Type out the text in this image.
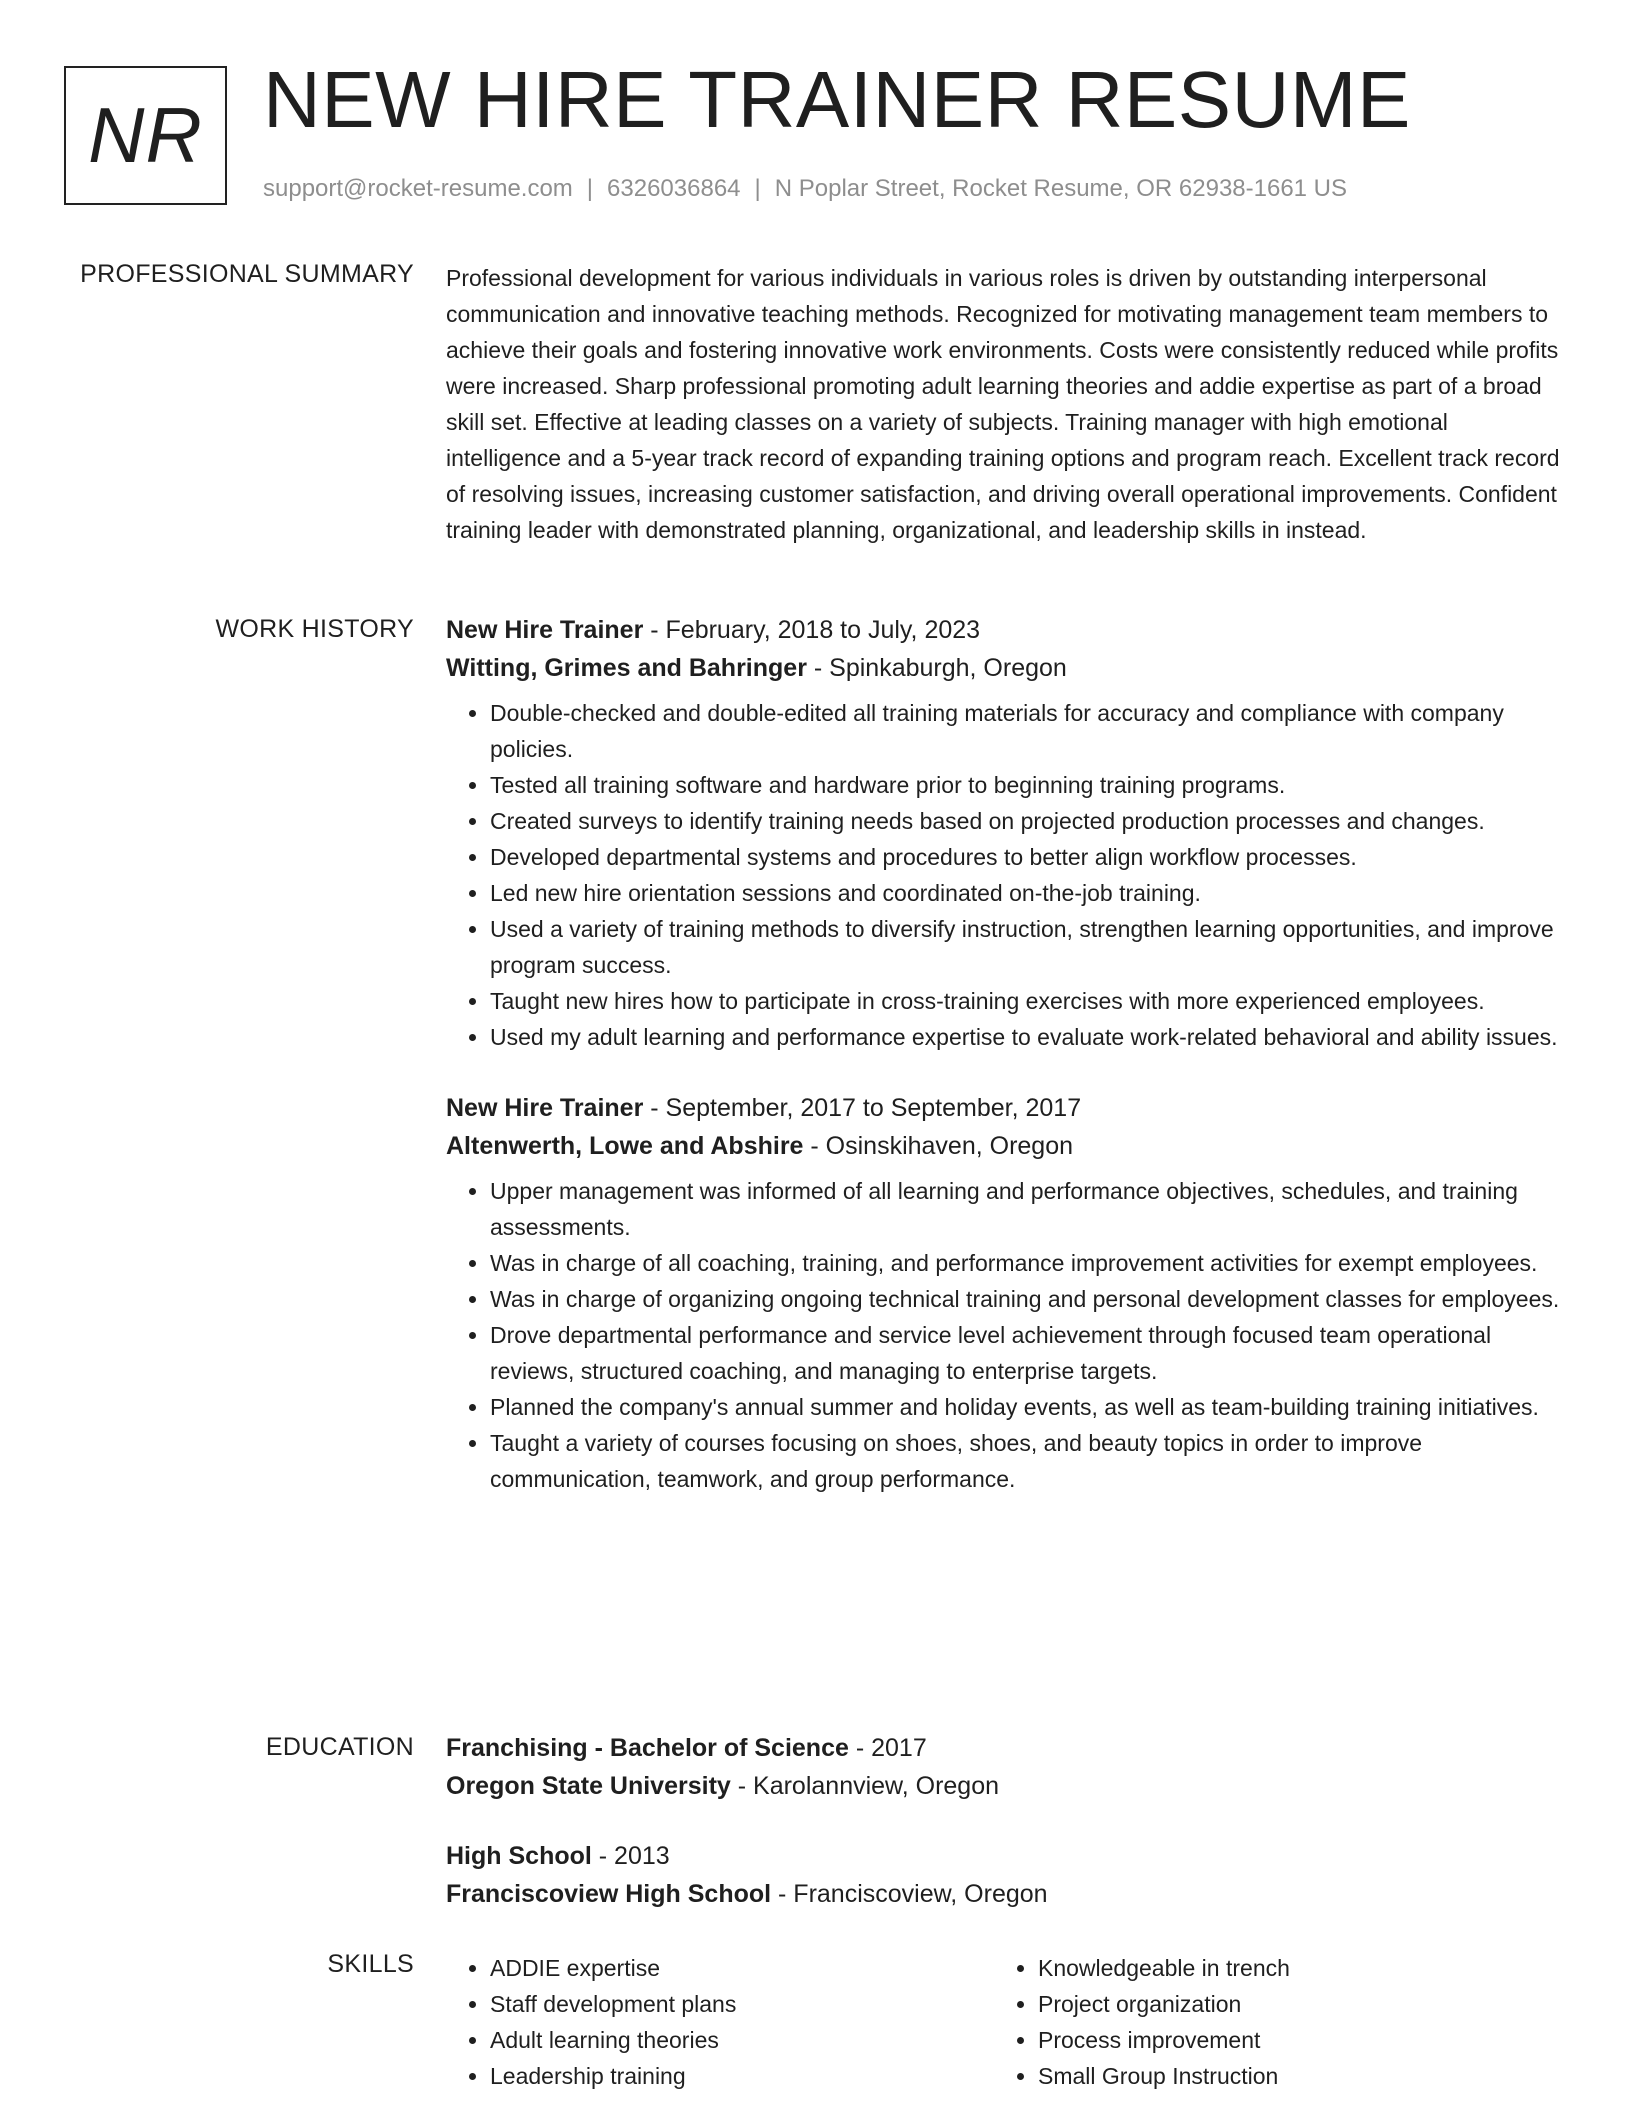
NR NEW HIRE TRAINER RESUME
support@rocket-resume.com | 6326036864 | N Poplar Street, Rocket Resume, OR 62938-1661 US
PROFESSIONAL SUMMARY Professional development for various individuals in various roles is driven by outstanding interpersonal communication and innovative teaching methods. Recognized for motivating management team members to achieve their goals and fostering innovative work environments. Costs were consistently reduced while profits were increased. Sharp professional promoting adult learning theories and addie expertise as part of a broad skill set. Effective at leading classes on a variety of subjects. Training manager with high emotional intelligence and a 5-year track record of expanding training options and program reach. Excellent track record of resolving issues, increasing customer satisfaction, and driving overall operational improvements. Confident training leader with demonstrated planning, organizational, and leadership skills in instead.

WORK HISTORY New Hire Trainer - February, 2018 to July, 2023
Witting, Grimes and Bahringer - Spinkaburgh, Oregon
• Double-checked and double-edited all training materials for accuracy and compliance with company policies.
• Tested all training software and hardware prior to beginning training programs.
• Created surveys to identify training needs based on projected production processes and changes.
• Developed departmental systems and procedures to better align workflow processes.
• Led new hire orientation sessions and coordinated on-the-job training.
• Used a variety of training methods to diversify instruction, strengthen learning opportunities, and improve program success.
• Taught new hires how to participate in cross-training exercises with more experienced employees.
• Used my adult learning and performance expertise to evaluate work-related behavioral and ability issues.
New Hire Trainer - September, 2017 to September, 2017
Altenwerth, Lowe and Abshire - Osinskihaven, Oregon
• Upper management was informed of all learning and performance objectives, schedules, and training assessments.
• Was in charge of all coaching, training, and performance improvement activities for exempt employees.
• Was in charge of organizing ongoing technical training and personal development classes for employees.
• Drove departmental performance and service level achievement through focused team operational reviews, structured coaching, and managing to enterprise targets.
• Planned the company's annual summer and holiday events, as well as team-building training initiatives.
• Taught a variety of courses focusing on shoes, shoes, and beauty topics in order to improve communication, teamwork, and group performance.
EDUCATION Franchising - Bachelor of Science - 2017
Oregon State University - Karolannview, Oregon
High School - 2013
Franciscoview High School - Franciscoview, Oregon
SKILLS
•	ADDIE expertise
• Staff development plans
• Adult learning theories
• Leadership training
• Knowledgeable in trench
• Project organization
• Process improvement
• Small Group Instruction
